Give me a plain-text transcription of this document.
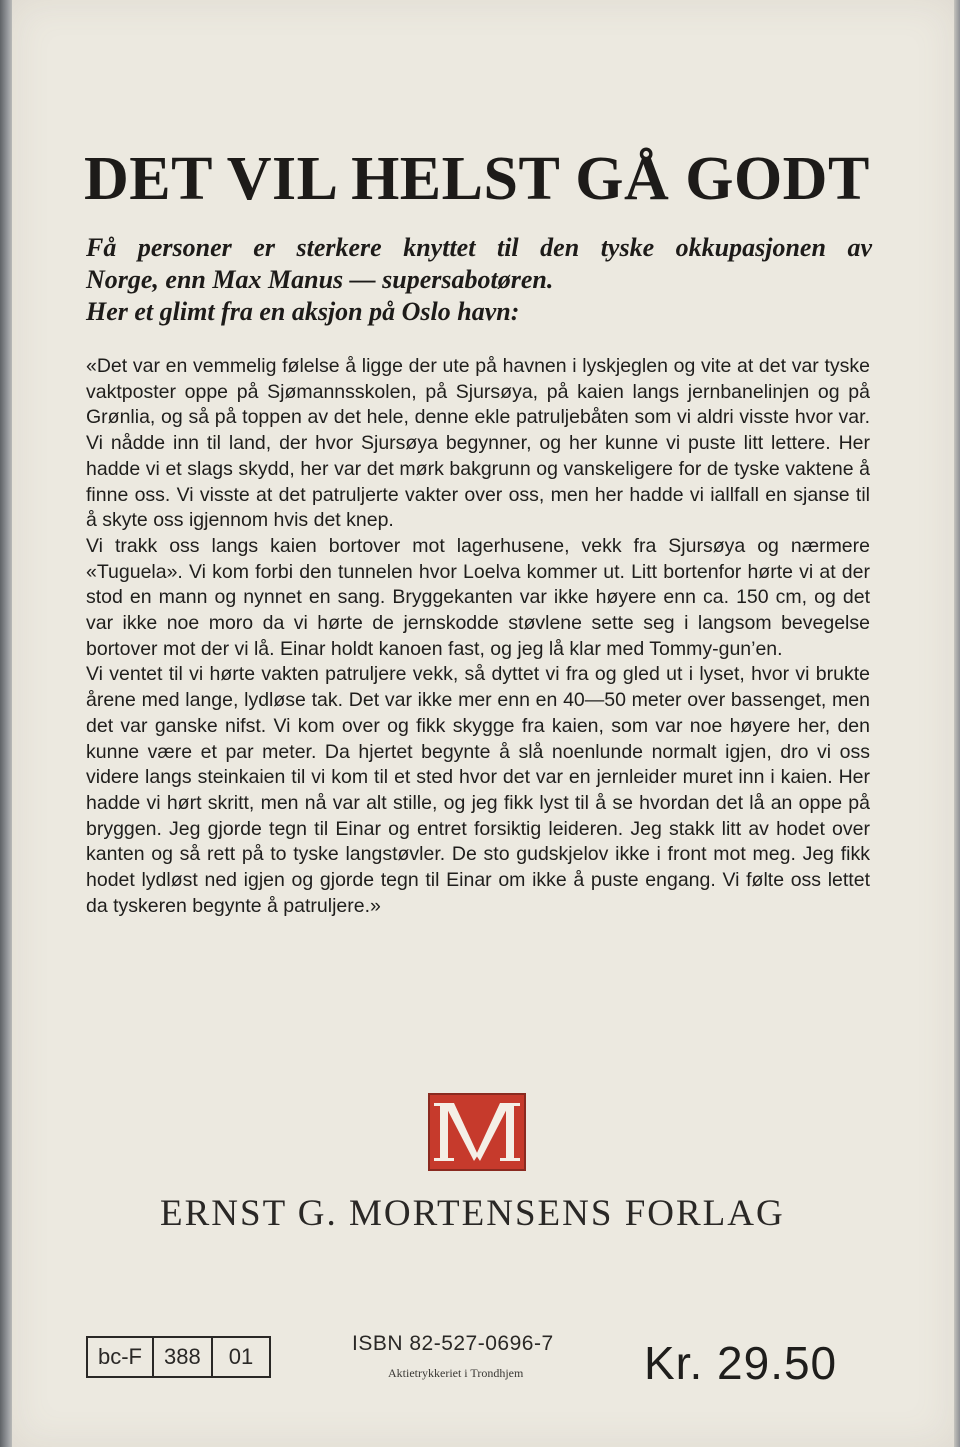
DET VIL HELST GÅ GODT
Få personer er sterkere knyttet til den tyske okkupasjonen av
Norge, enn Max Manus — supersabotøren.
Her et glimt fra en aksjon på Oslo havn:

«Det var en vemmelig følelse å ligge der ute på havnen i lyskjeglen og vite at det var tyske vaktposter oppe på Sjømannsskolen, på Sjursøya, på kaien langs jernbanelinjen og på Grønlia, og så på toppen av det hele, denne ekle patruljebåten som vi aldri visste hvor var. Vi nådde inn til land, der hvor Sjursøya begynner, og her kunne vi puste litt lettere. Her hadde vi et slags skydd, her var det mørk bakgrunn og vanskeligere for de tyske vaktene å finne oss. Vi visste at det patruljerte vakter over oss, men her hadde vi iallfall en sjanse til å skyte oss igjennom hvis det knep.

Vi trakk oss langs kaien bortover mot lagerhusene, vekk fra Sjursøya og nærmere «Tuguela». Vi kom forbi den tunnelen hvor Loelva kommer ut. Litt bortenfor hørte vi at der stod en mann og nynnet en sang. Bryggekanten var ikke høyere enn ca. 150 cm, og det var ikke noe moro da vi hørte de jernskodde støvlene sette seg i langsom bevegelse bortover mot der vi lå. Einar holdt kanoen fast, og jeg lå klar med Tommy-gun’en.

Vi ventet til vi hørte vakten patruljere vekk, så dyttet vi fra og gled ut i lyset, hvor vi brukte årene med lange, lydløse tak. Det var ikke mer enn en 40—50 meter over bassenget, men det var ganske nifst. Vi kom over og fikk skygge fra kaien, som var noe høyere her, den kunne være et par meter. Da hjertet begynte å slå noenlunde normalt igjen, dro vi oss videre langs steinkaien til vi kom til et sted hvor det var en jernleider muret inn i kaien. Her hadde vi hørt skritt, men nå var alt stille, og jeg fikk lyst til å se hvordan det lå an oppe på bryggen. Jeg gjorde tegn til Einar og entret forsiktig leideren. Jeg stakk litt av hodet over kanten og så rett på to tyske langstøvler. De sto gudskjelov ikke i front mot meg. Jeg fikk hodet lydløst ned igjen og gjorde tegn til Einar om ikke å puste engang. Vi følte oss lettet da tyskeren begynte å patruljere.»

ERNST G. MORTENSENS FORLAG
bc-F	388	01
ISBN 82-527-0696-7
Aktietrykkeriet i Trondhjem	Kr. 29.50
